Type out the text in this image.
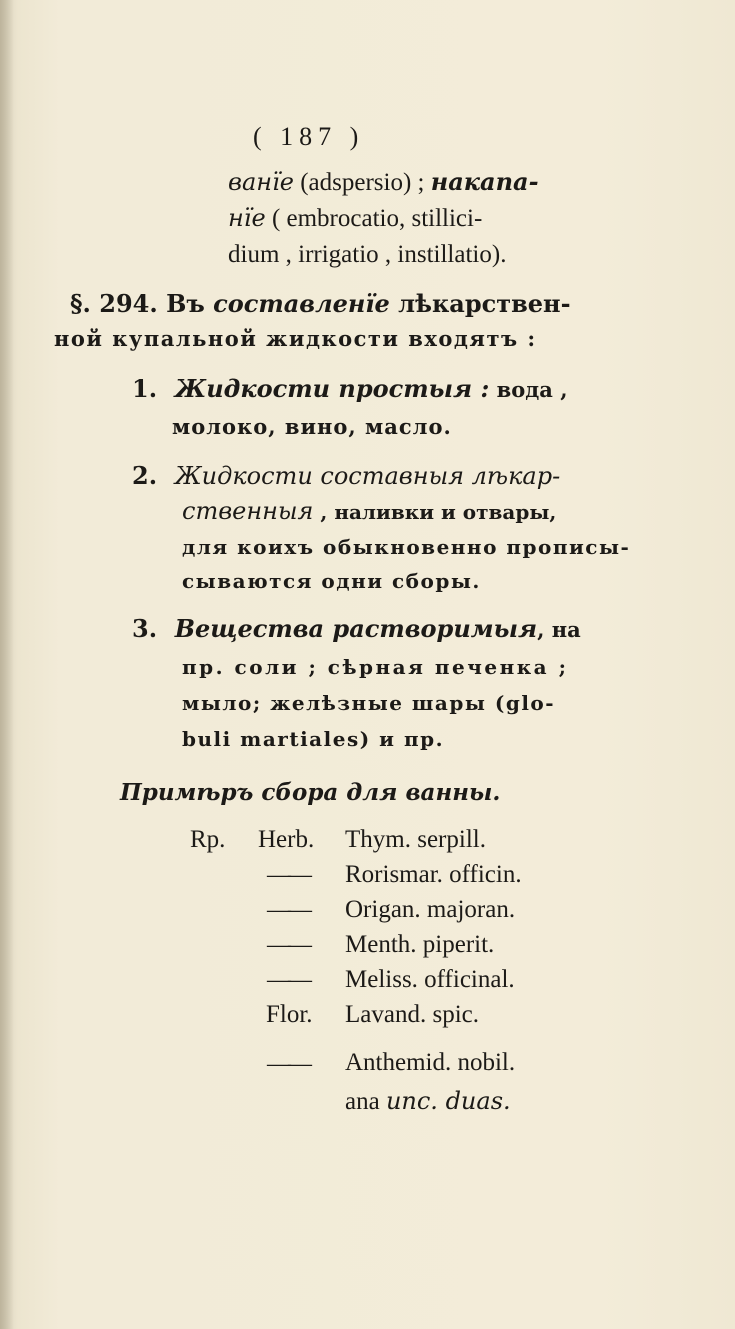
( 187 )
ванїе (adspersio) ; накапа-
нїе ( embrocatio, stillici-
dium , irrigatio , instillatio).
§. 294. Въ составленїе лѣкарствен-
ной купальной жидкости входятъ :
1. Жидкости простыя : вода ,
молоко, вино, масло.
2. Жидкости составныя лѣкар-
ственныя , наливки и отвары,
для коихъ обыкновенно прописы-
сываются одни сборы.
3. Вещества растворимыя, на
пр. соли ; сѣрная печенка ;
мыло; желѣзные шары (glo-
buli martiales) и пр.
Примѣръ сбора для ванны.
Rp. Herb. Thym. serpill.
—— Rorismar. officin.
—— Origan. majoran.
—— Menth. piperit.
—— Meliss. officinal.
Flor. Lavand. spic.
—— Anthemid. nobil.
ana unc. duas.
